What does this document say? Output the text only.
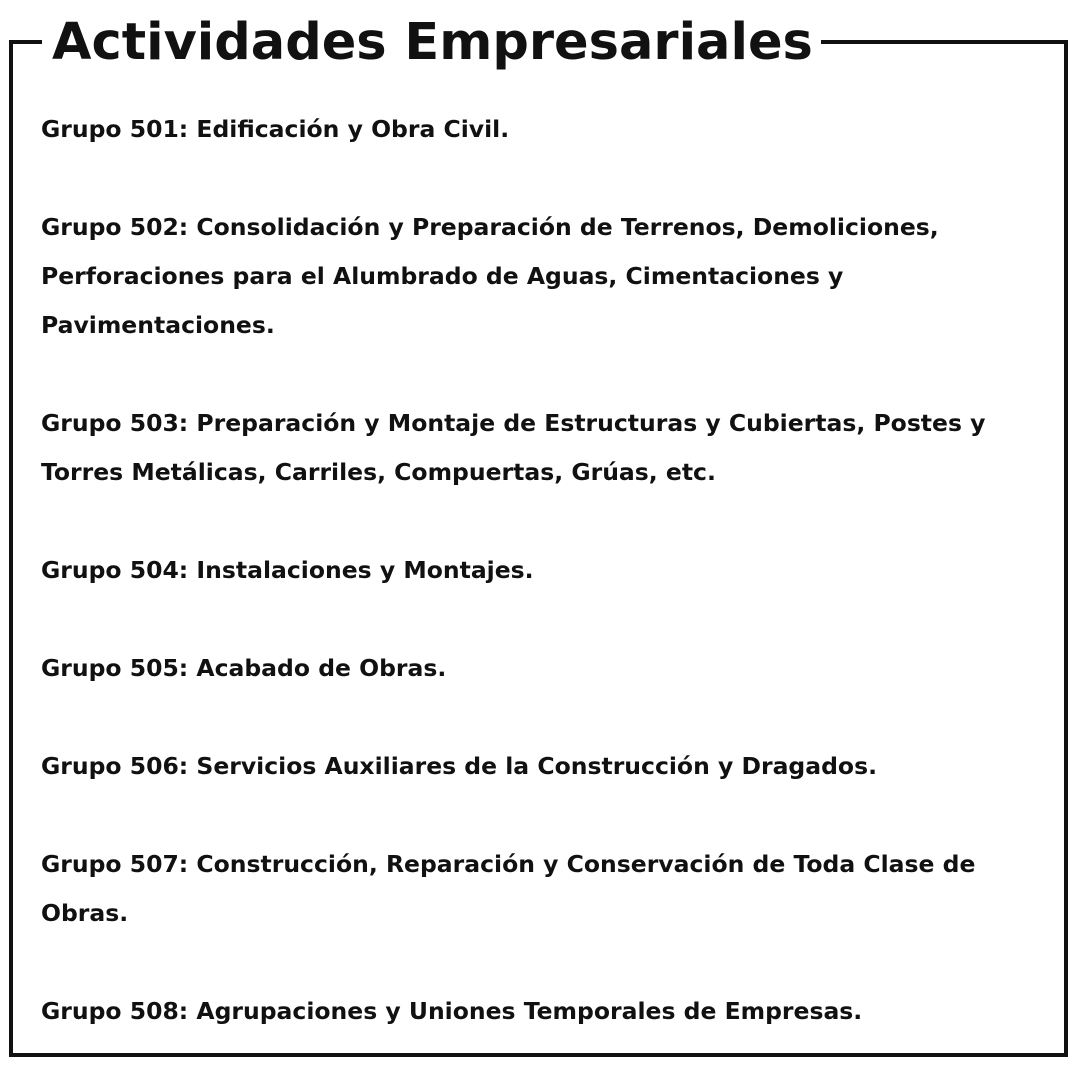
Actividades Empresariales
Grupo 501: Edificación y Obra Civil.
Grupo 502: Consolidación y Preparación de Terrenos, Demoliciones, Perforaciones para el Alumbrado de Aguas, Cimentaciones y Pavimentaciones.
Grupo 503: Preparación y Montaje de Estructuras y Cubiertas, Postes y Torres Metálicas, Carriles, Compuertas, Grúas, etc.
Grupo 504: Instalaciones y Montajes.
Grupo 505: Acabado de Obras.
Grupo 506: Servicios Auxiliares de la Construcción y Dragados.
Grupo 507: Construcción, Reparación y Conservación de Toda Clase de Obras.
Grupo 508: Agrupaciones y Uniones Temporales de Empresas.
